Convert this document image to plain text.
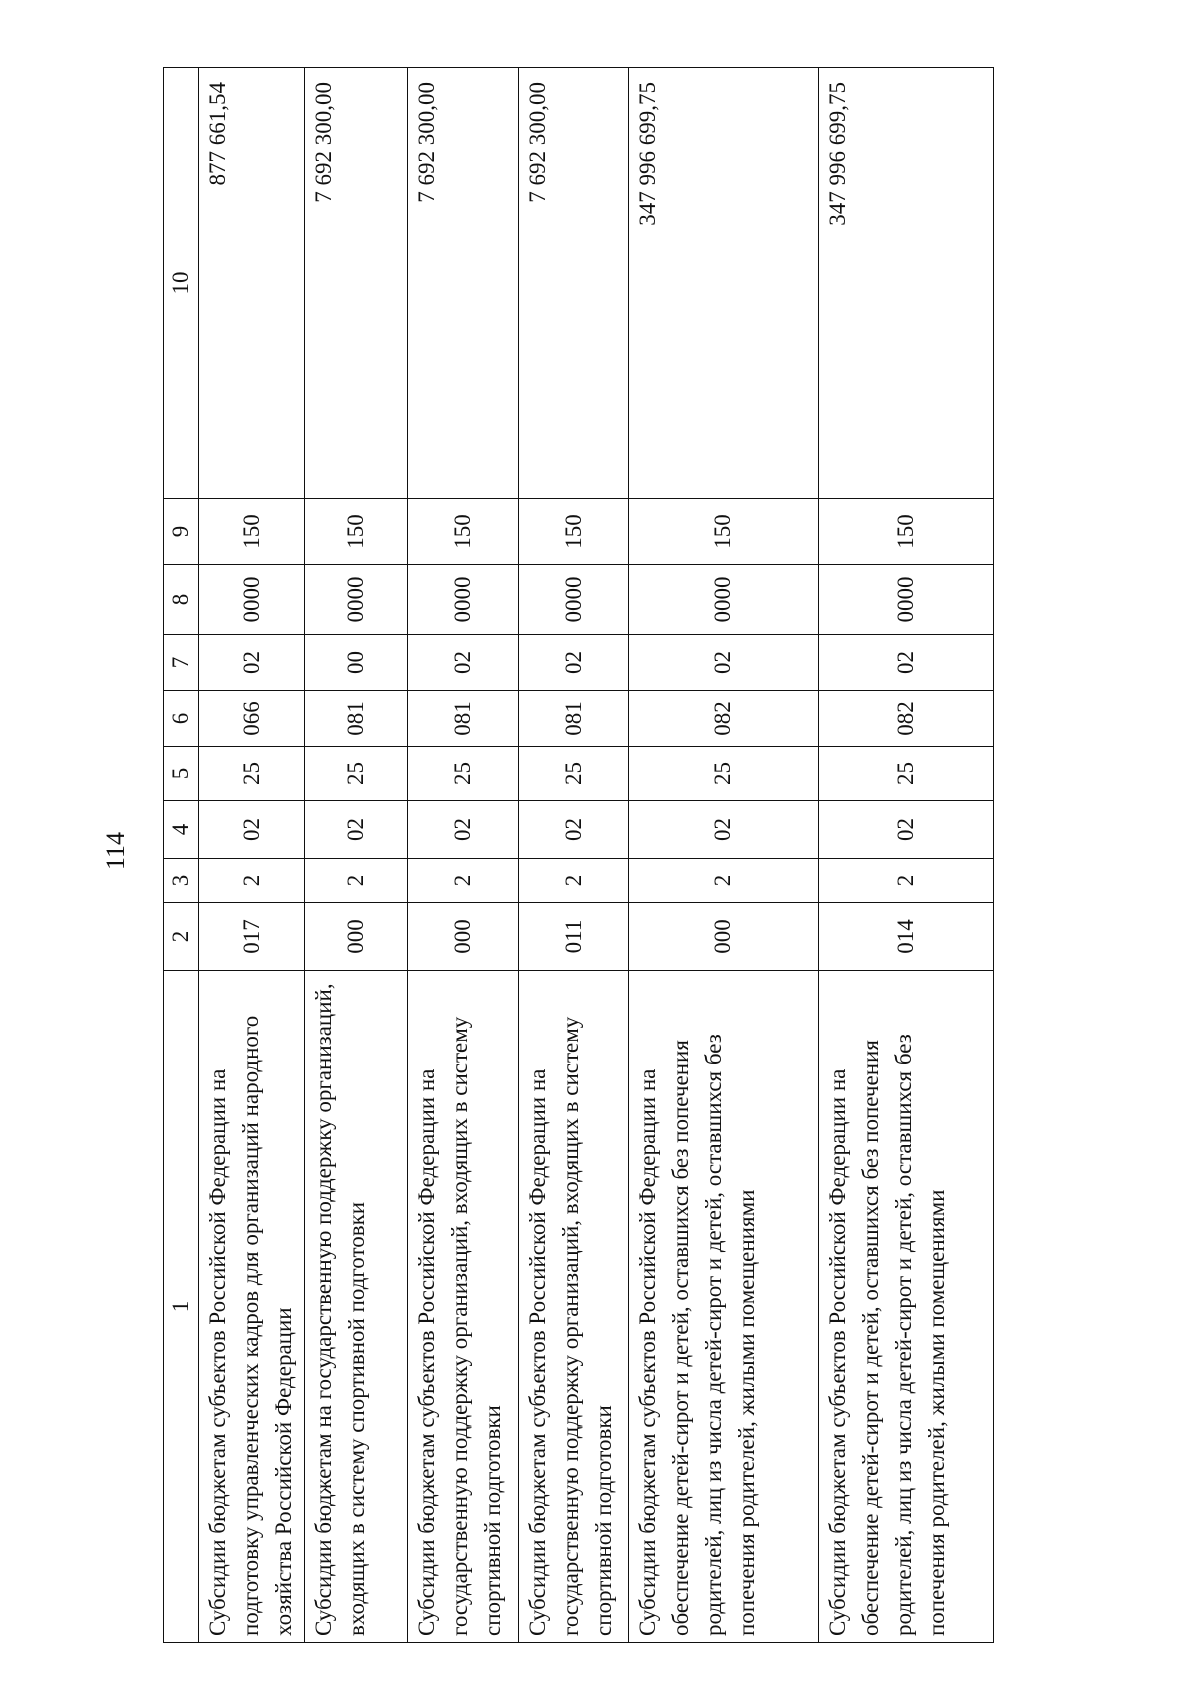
114
1	2	3	4	5	6	7	8	9	10
Субсидии бюджетам субъектов Российской Федерации на подготовку управленческих кадров для организаций народного хозяйства Российской Федерации	017	2	02	25	066	02	0000	150	877 661,54
Субсидии бюджетам на государственную поддержку организаций, входящих в систему спортивной подготовки	000	2	02	25	081	00	0000	150	7 692 300,00
Субсидии бюджетам субъектов Российской Федерации на государственную поддержку организаций, входящих в систему спортивной подготовки	000	2	02	25	081	02	0000	150	7 692 300,00
Субсидии бюджетам субъектов Российской Федерации на государственную поддержку организаций, входящих в систему спортивной подготовки	011	2	02	25	081	02	0000	150	7 692 300,00
Субсидии бюджетам субъектов Российской Федерации на обеспечение детей-сирот и детей, оставшихся без попечения родителей, лиц из числа детей-сирот и детей, оставшихся без попечения родителей, жилыми помещениями	000	2	02	25	082	02	0000	150	347 996 699,75
Субсидии бюджетам субъектов Российской Федерации на обеспечение детей-сирот и детей, оставшихся без попечения родителей, лиц из числа детей-сирот и детей, оставшихся без попечения родителей, жилыми помещениями	014	2	02	25	082	02	0000	150	347 996 699,75
